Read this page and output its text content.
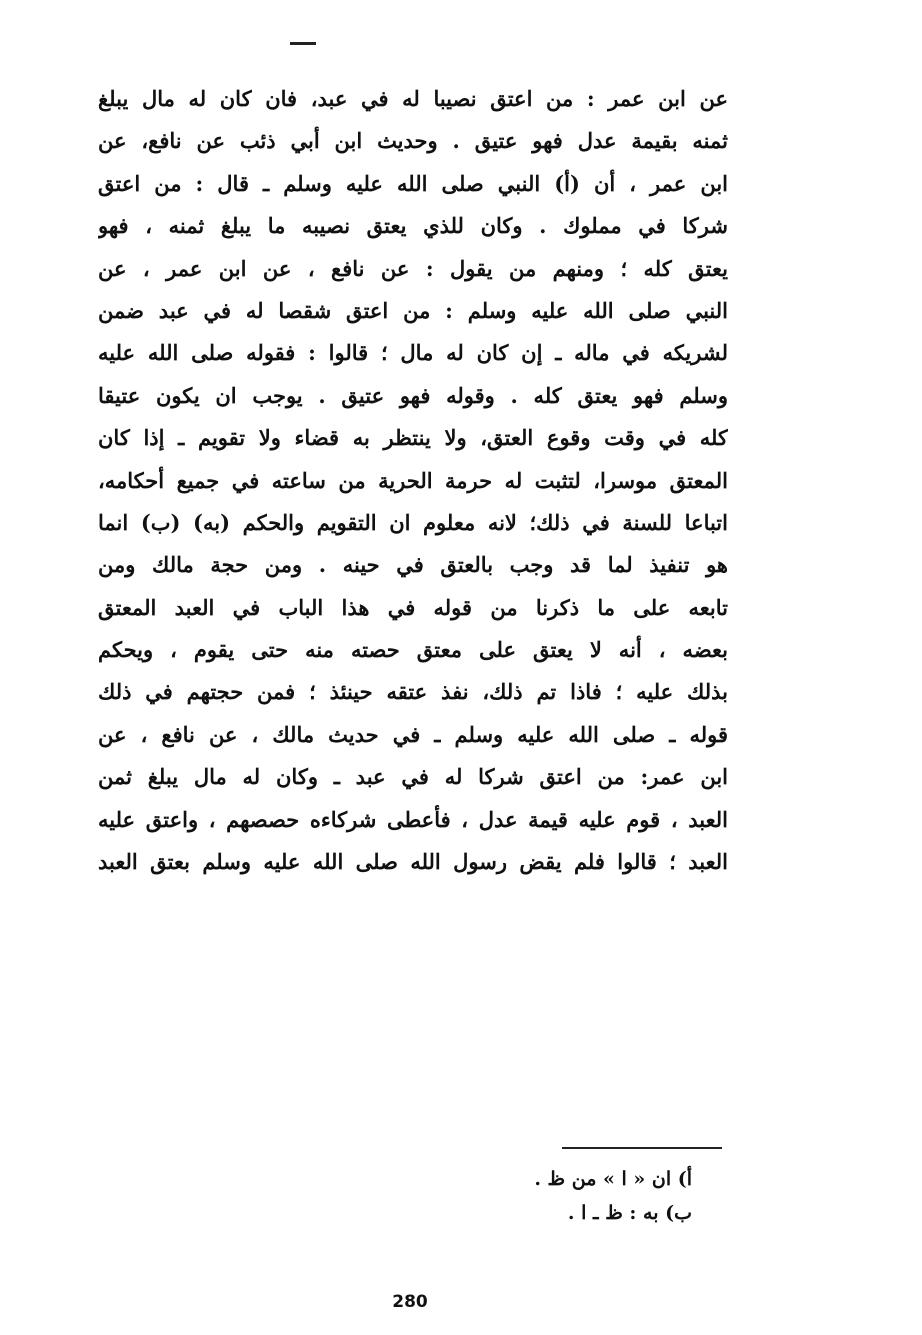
عن ابن عمر : من اعتق نصيبا له في عبد، فان كان له مال يبلغ
ثمنه بقيمة عدل فهو عتيق . وحديث ابن أبي ذئب عن نافع، عن
ابن عمر ، أن (أ) النبي صلى الله عليه وسلم ـ قال : من اعتق
شركا في مملوك . وكان للذي يعتق نصيبه ما يبلغ ثمنه ، فهو
يعتق كله ؛ ومنهم من يقول : عن نافع ، عن ابن عمر ، عن
النبي صلى الله عليه وسلم : من اعتق شقصا له في عبد ضمن
لشريكه في ماله ـ إن كان له مال ؛ قالوا : فقوله صلى الله عليه
وسلم فهو يعتق كله . وقوله فهو عتيق . يوجب ان يكون عتيقا
كله في وقت وقوع العتق، ولا ينتظر به قضاء ولا تقويم ـ إذا كان
المعتق موسرا، لتثبت له حرمة الحرية من ساعته في جميع أحكامه،
اتباعا للسنة في ذلك؛ لانه معلوم ان التقويم والحكم (به) (ب) انما
هو تنفيذ لما قد وجب بالعتق في حينه . ومن حجة مالك ومن
تابعه على ما ذكرنا من قوله في هذا الباب في العبد المعتق
بعضه ، أنه لا يعتق على معتق حصته منه حتى يقوم ، ويحكم
بذلك عليه ؛ فاذا تم ذلك، نفذ عتقه حينئذ ؛ فمن حجتهم في ذلك
قوله ـ صلى الله عليه وسلم ـ في حديث مالك ، عن نافع ، عن
ابن عمر: من اعتق شركا له في عبد ـ وكان له مال يبلغ ثمن
العبد ، قوم عليه قيمة عدل ، فأعطى شركاءه حصصهم ، واعتق عليه
العبد ؛ قالوا فلم يقض رسول الله صلى الله عليه وسلم بعتق العبد
أ) ان « ا » من ظ .
ب) به : ظ ـ ا .
280
